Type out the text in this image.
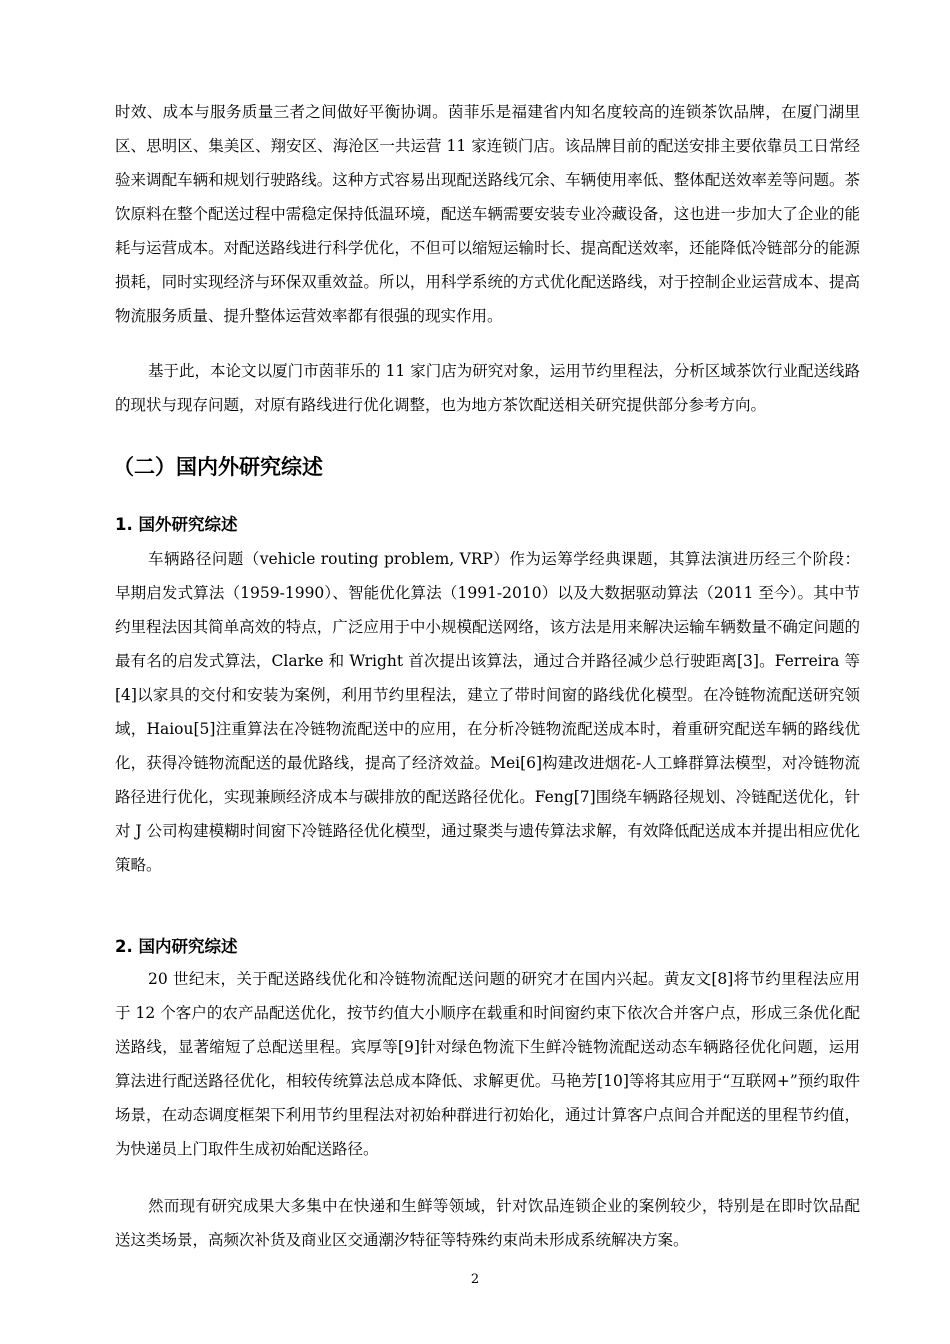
时效、成本与服务质量三者之间做好平衡协调。茵菲乐是福建省内知名度较高的连锁茶饮品牌，在厦门湖里区、思明区、集美区、翔安区、海沧区一共运营 11 家连锁门店。该品牌目前的配送安排主要依靠员工日常经验来调配车辆和规划行驶路线。这种方式容易出现配送路线冗余、车辆使用率低、整体配送效率差等问题。茶饮原料在整个配送过程中需稳定保持低温环境，配送车辆需要安装专业冷藏设备，这也进一步加大了企业的能耗与运营成本。对配送路线进行科学优化，不但可以缩短运输时长、提高配送效率，还能降低冷链部分的能源损耗，同时实现经济与环保双重效益。所以，用科学系统的方式优化配送路线，对于控制企业运营成本、提高物流服务质量、提升整体运营效率都有很强的现实作用。

基于此，本论文以厦门市茵菲乐的 11 家门店为研究对象，运用节约里程法，分析区域茶饮行业配送线路的现状与现存问题，对原有路线进行优化调整，也为地方茶饮配送相关研究提供部分参考方向。

（二）国内外研究综述
1. 国外研究综述

车辆路径问题（vehicle routing problem, VRP）作为运筹学经典课题，其算法演进历经三个阶段：早期启发式算法（1959-1990）、智能优化算法（1991-2010）以及大数据驱动算法（2011 至今）。其中节约里程法因其简单高效的特点，广泛应用于中小规模配送网络，该方法是用来解决运输车辆数量不确定问题的最有名的启发式算法，Clarke 和 Wright 首次提出该算法，通过合并路径减少总行驶距离[3]。Ferreira 等[4]以家具的交付和安装为案例，利用节约里程法，建立了带时间窗的路线优化模型。在冷链物流配送研究领域，Haiou[5]注重算法在冷链物流配送中的应用，在分析冷链物流配送成本时，着重研究配送车辆的路线优化，获得冷链物流配送的最优路线，提高了经济效益。Mei[6]构建改进烟花-人工蜂群算法模型，对冷链物流路径进行优化，实现兼顾经济成本与碳排放的配送路径优化。Feng[7]围绕车辆路径规划、冷链配送优化，针对 J 公司构建模糊时间窗下冷链路径优化模型，通过聚类与遗传算法求解，有效降低配送成本并提出相应优化策略。

2. 国内研究综述

20 世纪末，关于配送路线优化和冷链物流配送问题的研究才在国内兴起。黄友文[8]将节约里程法应用于 12 个客户的农产品配送优化，按节约值大小顺序在载重和时间窗约束下依次合并客户点，形成三条优化配送路线，显著缩短了总配送里程。宾厚等[9]针对绿色物流下生鲜冷链物流配送动态车辆路径优化问题，运用算法进行配送路径优化，相较传统算法总成本降低、求解更优。马艳芳[10]等将其应用于“互联网+”预约取件场景，在动态调度框架下利用节约里程法对初始种群进行初始化，通过计算客户点间合并配送的里程节约值，为快递员上门取件生成初始配送路径。

然而现有研究成果大多集中在快递和生鲜等领域，针对饮品连锁企业的案例较少，特别是在即时饮品配送这类场景，高频次补货及商业区交通潮汐特征等特殊约束尚未形成系统解决方案。

2
